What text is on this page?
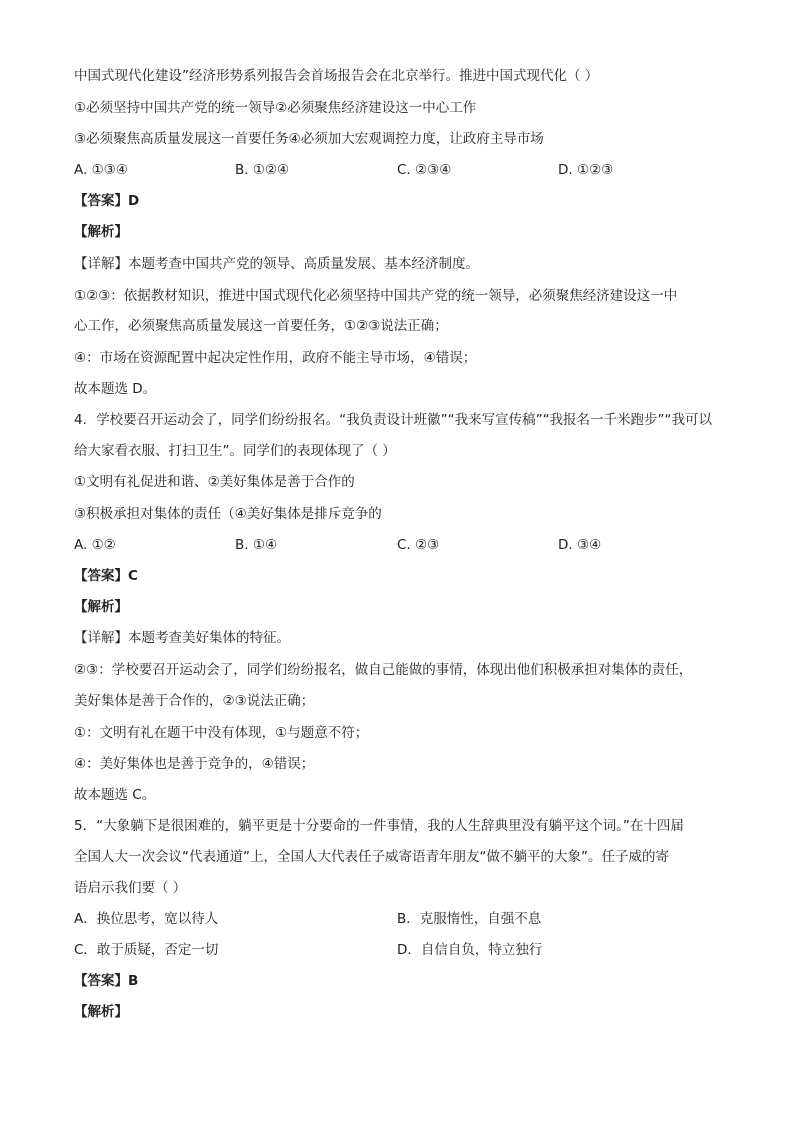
中国式现代化建设”经济形势系列报告会首场报告会在北京举行。推进中国式现代化（ ）
①必须坚持中国共产党的统一领导②必须聚焦经济建设这一中心工作
③必须聚焦高质量发展这一首要任务④必须加大宏观调控力度，让政府主导市场
A. ①③④	B. ①②④	C. ②③④	D. ①②③
【答案】D
【解析】
【详解】本题考查中国共产党的领导、高质量发展、基本经济制度。
①②③：依据教材知识，推进中国式现代化必须坚持中国共产党的统一领导，必须聚焦经济建设这一中
心工作，必须聚焦高质量发展这一首要任务，①②③说法正确；
④：市场在资源配置中起决定性作用，政府不能主导市场，④错误；
故本题选 D。
4．学校要召开运动会了，同学们纷纷报名。“我负责设计班徽”“我来写宣传稿”“我报名一千米跑步”“我可以
给大家看衣服、打扫卫生”。同学们的表现体现了（ ）
①文明有礼促进和谐、②美好集体是善于合作的
③积极承担对集体的责任（④美好集体是排斥竞争的
A. ①②	B. ①④	C. ②③	D. ③④
【答案】C
【解析】
【详解】本题考查美好集体的特征。
②③：学校要召开运动会了，同学们纷纷报名，做自己能做的事情，体现出他们积极承担对集体的责任，
美好集体是善于合作的，②③说法正确；
①：文明有礼在题干中没有体现，①与题意不符；
④：美好集体也是善于竞争的，④错误；
故本题选 C。
5．“大象躺下是很困难的，躺平更是十分要命的一件事情，我的人生辞典里没有躺平这个词。”在十四届
全国人大一次会议“代表通道”上，全国人大代表任子威寄语青年朋友“做不躺平的大象”。任子威的寄
语启示我们要（ ）
A．换位思考，宽以待人	B．克服惰性，自强不息
C．敢于质疑，否定一切	D．自信自负，特立独行
【答案】B
【解析】
